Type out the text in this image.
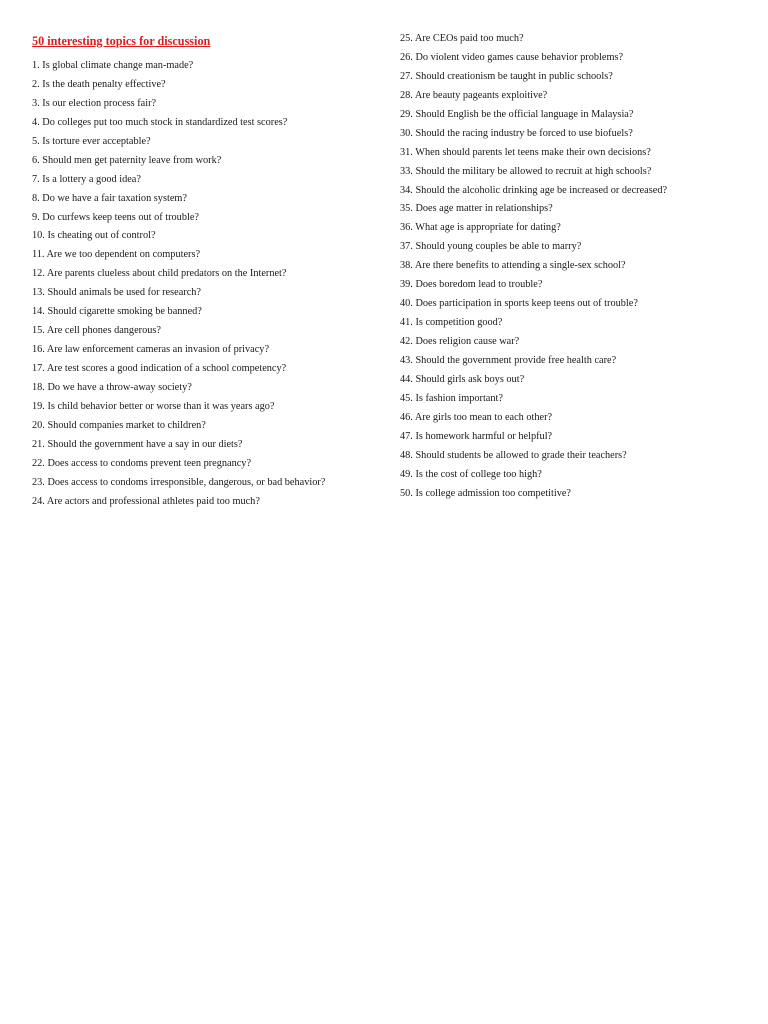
50 interesting topics for discussion
1. Is global climate change man-made?
2. Is the death penalty effective?
3. Is our election process fair?
4. Do colleges put too much stock in standardized test scores?
5. Is torture ever acceptable?
6. Should men get paternity leave from work?
7. Is a lottery a good idea?
8. Do we have a fair taxation system?
9. Do curfews keep teens out of trouble?
10. Is cheating out of control?
11. Are we too dependent on computers?
12. Are parents clueless about child predators on the Internet?
13. Should animals be used for research?
14. Should cigarette smoking be banned?
15. Are cell phones dangerous?
16. Are law enforcement cameras an invasion of privacy?
17. Are test scores a good indication of a school competency?
18. Do we have a throw-away society?
19. Is child behavior better or worse than it was years ago?
20. Should companies market to children?
21. Should the government have a say in our diets?
22. Does access to condoms prevent teen pregnancy?
23. Does access to condoms irresponsible, dangerous, or bad behavior?
24. Are actors and professional athletes paid too much?
25. Are CEOs paid too much?
26. Do violent video games cause behavior problems?
27. Should creationism be taught in public schools?
28. Are beauty pageants exploitive?
29. Should English be the official language in Malaysia?
30. Should the racing industry be forced to use biofuels?
31. When should parents let teens make their own decisions?
33. Should the military be allowed to recruit at high schools?
34. Should the alcoholic drinking age be increased or decreased?
35. Does age matter in relationships?
36. What age is appropriate for dating?
37. Should young couples be able to marry?
38. Are there benefits to attending a single-sex school?
39. Does boredom lead to trouble?
40. Does participation in sports keep teens out of trouble?
41. Is competition good?
42. Does religion cause war?
43. Should the government provide free health care?
44. Should girls ask boys out?
45. Is fashion important?
46. Are girls too mean to each other?
47. Is homework harmful or helpful?
48. Should students be allowed to grade their teachers?
49. Is the cost of college too high?
50. Is college admission too competitive?
